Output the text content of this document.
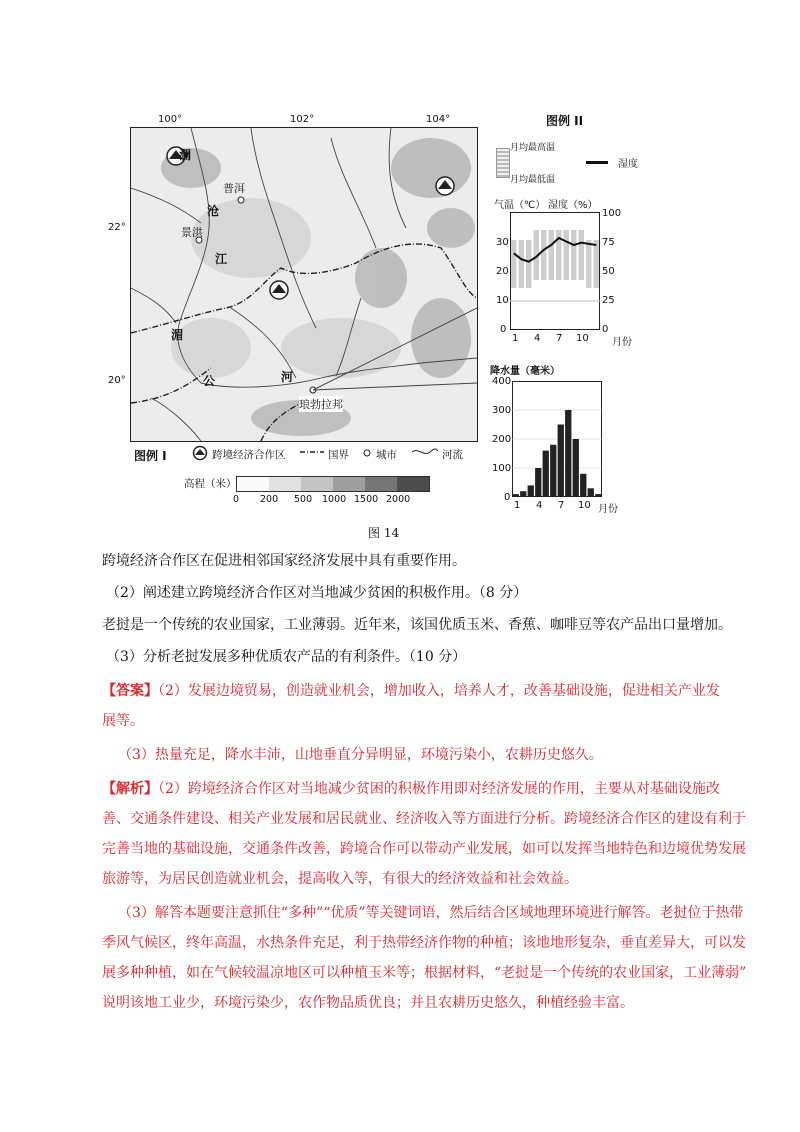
100°	102°	104°
22°
20°
普洱
景洪
琅勃拉邦
澜
沧
江
湄
公	河
图例 I	跨境经济合作区	国界	城市	河流
高程（米）
0 200 500 1000 1500 2000
图例 II
月均最高温
月均最低温
湿度
气温（℃） 湿度（%）
30
20
10
0
100
75
50
25
0
1 4 7 10 月份
降水量（毫米）
400
300
200
100
0
1 4 7 10 月份
图 14
跨境经济合作区在促进相邻国家经济发展中具有重要作用。
（2）阐述建立跨境经济合作区对当地减少贫困的积极作用。（8 分）
老挝是一个传统的农业国家，工业薄弱。近年来，该国优质玉米、香蕉、咖啡豆等农产品出口量增加。
（3）分析老挝发展多种优质农产品的有利条件。（10 分）
【答案】（2）发展边境贸易，创造就业机会，增加收入，培养人才，改善基础设施，促进相关产业发
展等。
（3）热量充足，降水丰沛，山地垂直分异明显，环境污染小，农耕历史悠久。
【解析】（2）跨境经济合作区对当地减少贫困的积极作用即对经济发展的作用，主要从对基础设施改
善、交通条件建设、相关产业发展和居民就业、经济收入等方面进行分析。跨境经济合作区的建设有利于
完善当地的基础设施，交通条件改善，跨境合作可以带动产业发展，如可以发挥当地特色和边境优势发展
旅游等，为居民创造就业机会，提高收入等，有很大的经济效益和社会效益。
（3）解答本题要注意抓住“多种”“优质”等关键词语，然后结合区域地理环境进行解答。老挝位于热带
季风气候区，终年高温，水热条件充足，利于热带经济作物的种植；该地地形复杂，垂直差异大，可以发
展多种种植，如在气候较温凉地区可以种植玉米等；根据材料，“老挝是一个传统的农业国家，工业薄弱”
说明该地工业少，环境污染少，农作物品质优良；并且农耕历史悠久，种植经验丰富。
